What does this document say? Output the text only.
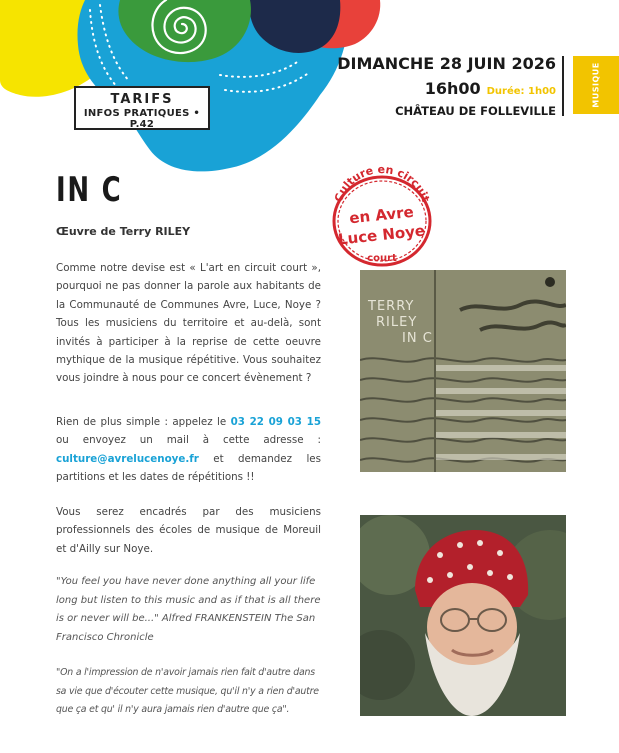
TARIFS
INFOS PRATIQUES • P.42
DIMANCHE 28 JUIN 2026
16h00 Durée: 1h00
CHÂTEAU DE FOLLEVILLE
MUSIQUE
IN C
Œuvre de Terry RILEY
Comme notre devise est « L'art en circuit court », pourquoi ne pas donner la parole aux habitants de la Communauté de Communes Avre, Luce, Noye ? Tous les musiciens du territoire et au-delà, sont invités à participer à la reprise de cette oeuvre mythique de la musique répétitive. Vous souhaitez vous joindre à nous pour ce concert évènement ?
Rien de plus simple : appelez le 03 22 09 03 15 ou envoyez un mail à cette adresse : culture@avrelucenoye.fr et demandez les partitions et les dates de répétitions !!
Vous serez encadrés par des musiciens professionnels des écoles de musique de Moreuil et d'Ailly sur Noye.
"You feel you have never done anything all your life long but listen to this music and as if that is all there is or never will be..." Alfred FRANKENSTEIN The San Francisco Chronicle
"On a l'impression de n'avoir jamais rien fait d'autre dans sa vie que d'écouter cette musique, qu'il n'y a rien d'autre que ça et qu' il n'y aura jamais rien d'autre que ça".
Culture en circuit
en Avre
Luce Noye
court
TERRY
RILEY
IN C
